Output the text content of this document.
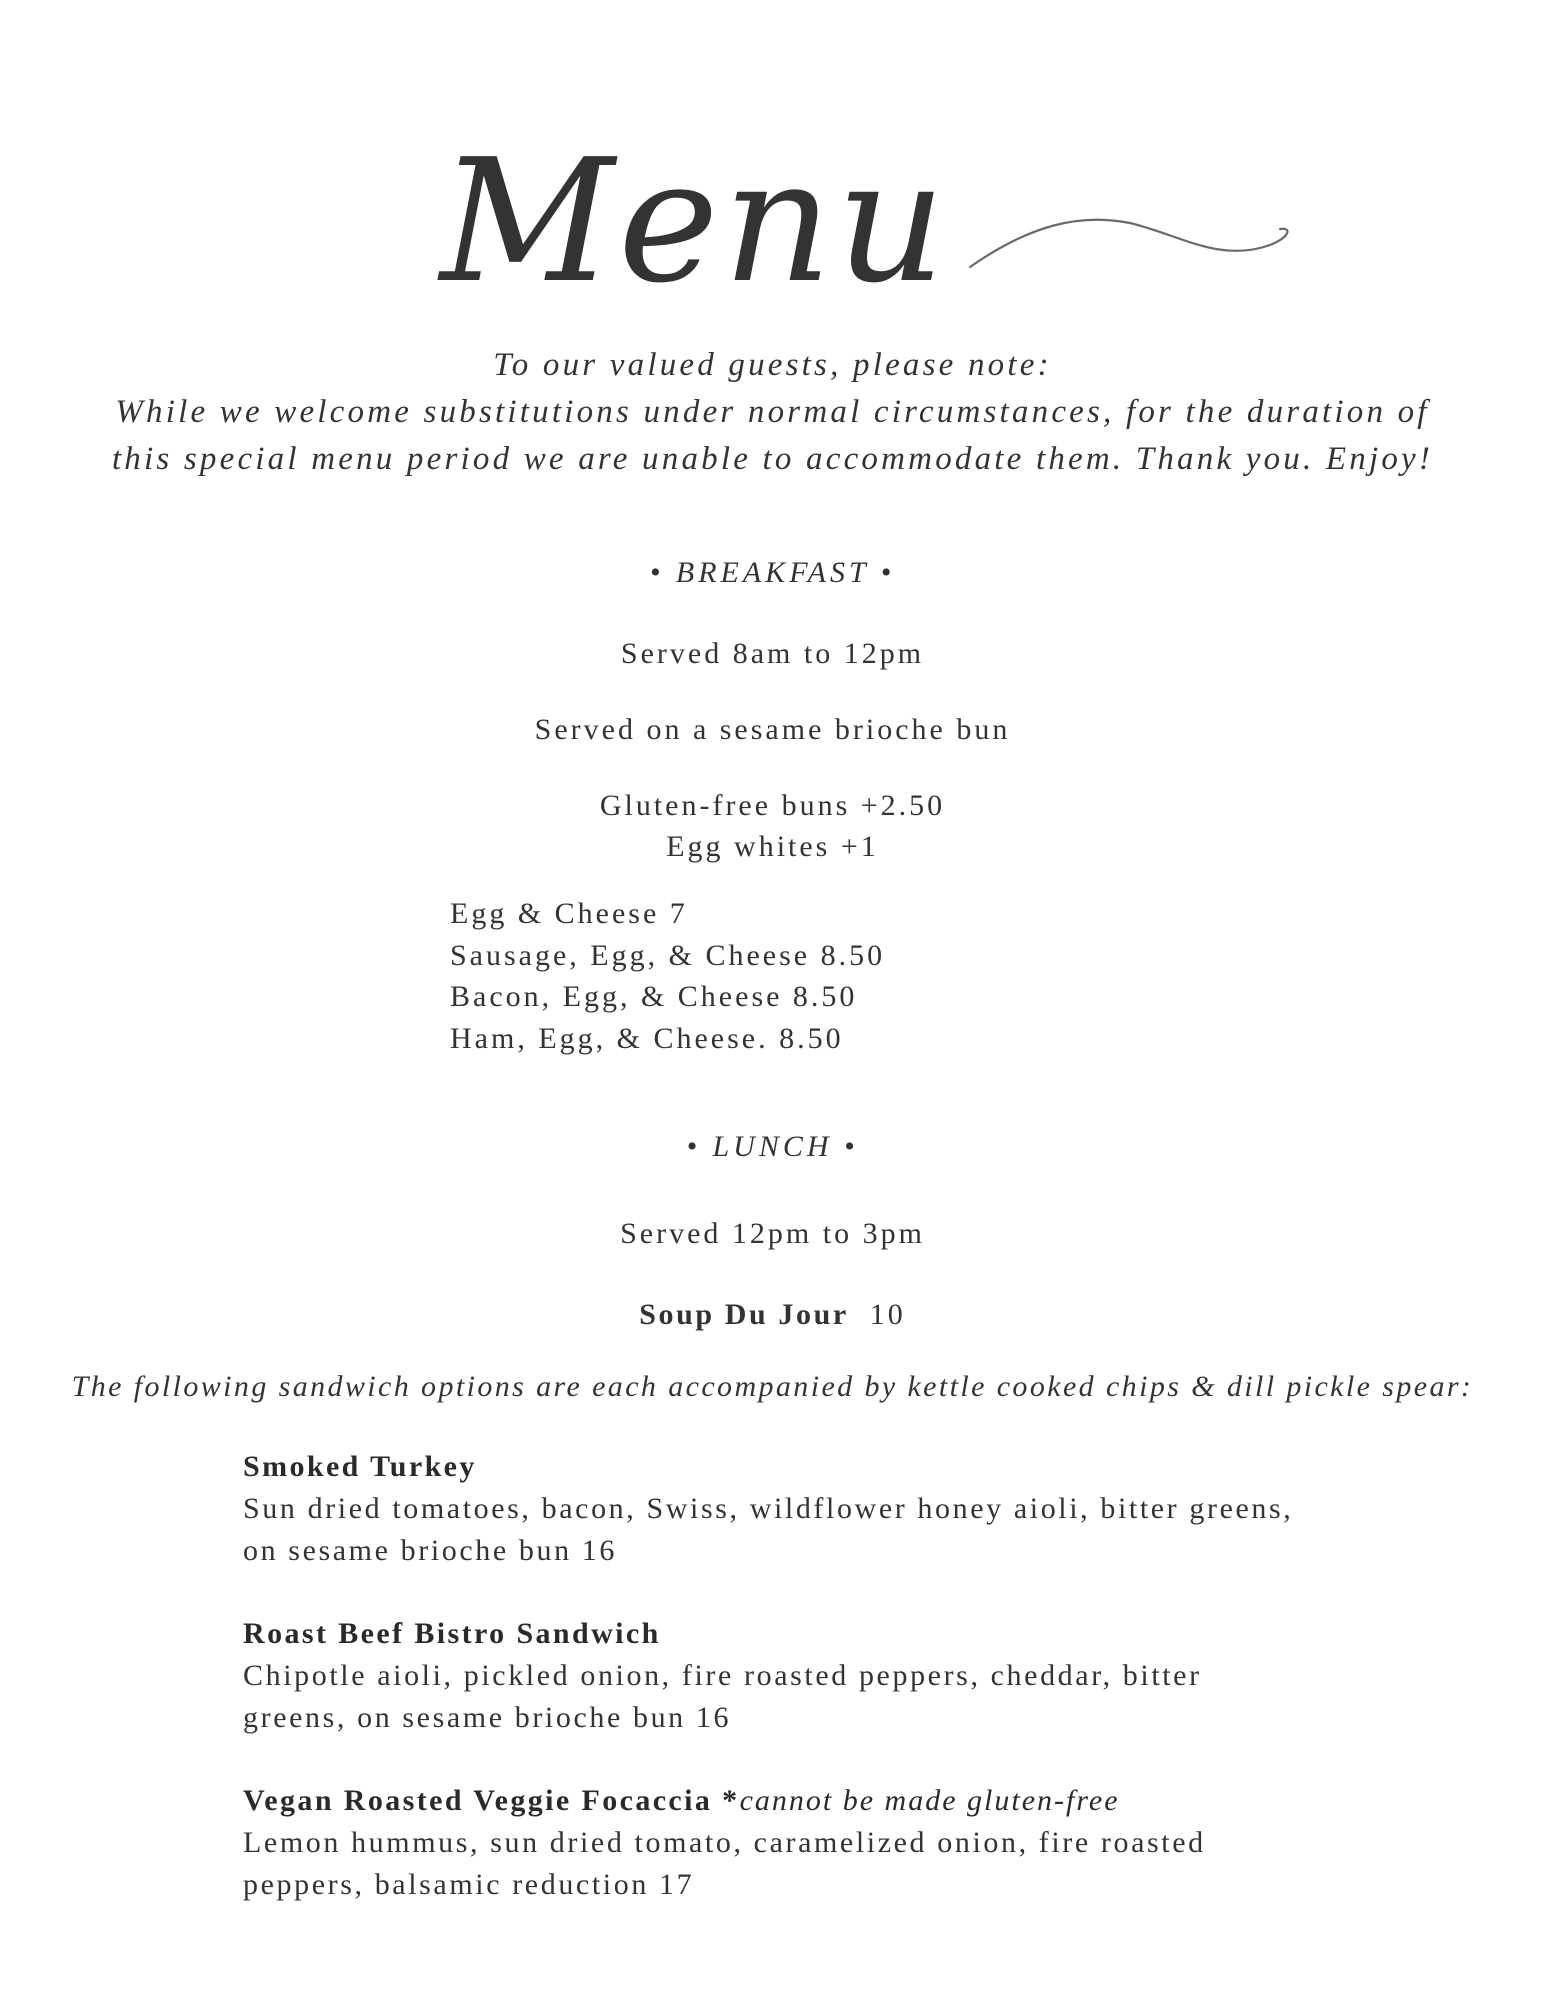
Menu
To our valued guests, please note:
While we welcome substitutions under normal circumstances, for the duration of
this special menu period we are unable to accommodate them. Thank you. Enjoy!
• BREAKFAST •
Served 8am to 12pm
Served on a sesame brioche bun
Gluten-free buns +2.50
Egg whites +1
Egg & Cheese 7
Sausage, Egg, & Cheese 8.50
Bacon, Egg, & Cheese 8.50
Ham, Egg, & Cheese. 8.50
• LUNCH •
Served 12pm to 3pm
Soup Du Jour 10
The following sandwich options are each accompanied by kettle cooked chips & dill pickle spear:
Smoked Turkey
Sun dried tomatoes, bacon, Swiss, wildflower honey aioli, bitter greens,
on sesame brioche bun 16
Roast Beef Bistro Sandwich
Chipotle aioli, pickled onion, fire roasted peppers, cheddar, bitter
greens, on sesame brioche bun 16
Vegan Roasted Veggie Focaccia *cannot be made gluten-free
Lemon hummus, sun dried tomato, caramelized onion, fire roasted
peppers, balsamic reduction 17
